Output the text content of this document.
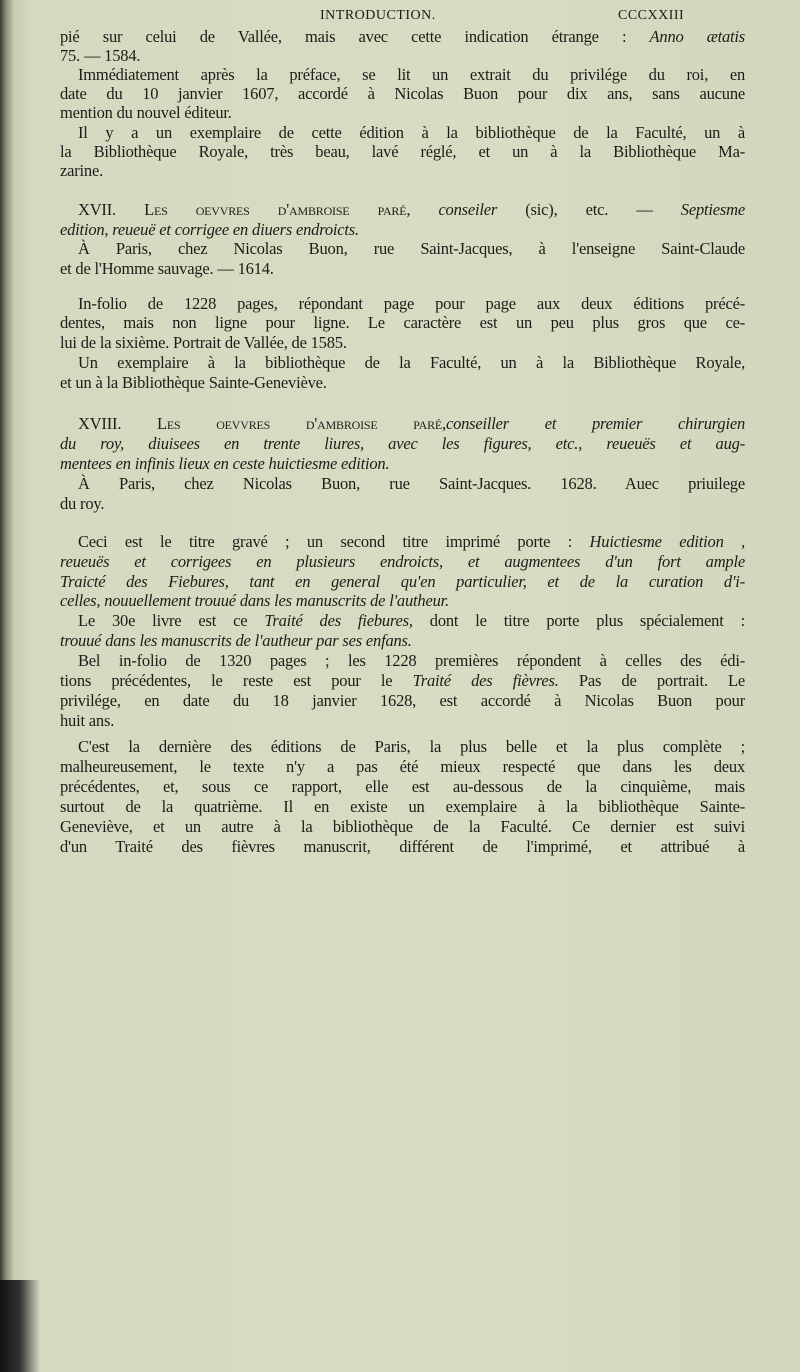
INTRODUCTION.	CCCXXIII
pié sur celui de Vallée, mais avec cette indication étrange : Anno ætatis
75. — 1584.
Immédiatement après la préface, se lit un extrait du privilége du roi, en
date du 10 janvier 1607, accordé à Nicolas Buon pour dix ans, sans aucune
mention du nouvel éditeur.
Il y a un exemplaire de cette édition à la bibliothèque de la Faculté, un à
la Bibliothèque Royale, très beau, lavé réglé, et un à la Bibliothèque Ma-
zarine.
XVII. Les oevvres d'ambroise paré, conseiler (sic), etc. — Septiesme
edition, reueuë et corrigee en diuers endroicts.
À Paris, chez Nicolas Buon, rue Saint-Jacques, à l'enseigne Saint-Claude
et de l'Homme sauvage. — 1614.
In-folio de 1228 pages, répondant page pour page aux deux éditions précé-
dentes, mais non ligne pour ligne. Le caractère est un peu plus gros que ce-
lui de la sixième. Portrait de Vallée, de 1585.
Un exemplaire à la bibliothèque de la Faculté, un à la Bibliothèque Royale,
et un à la Bibliothèque Sainte-Geneviève.
XVIII. Les oevvres d'ambroise paré,conseiller et premier chirurgien
du roy, diuisees en trente liures, avec les figures, etc., reueuës et aug-
mentees en infinis lieux en ceste huictiesme edition.
À Paris, chez Nicolas Buon, rue Saint-Jacques. 1628. Auec priuilege
du roy.
Ceci est le titre gravé ; un second titre imprimé porte : Huictiesme edition ,
reueuës et corrigees en plusieurs endroicts, et augmentees d'un fort ample
Traicté des Fiebures, tant en general qu'en particulier, et de la curation d'i-
celles, nouuellement trouué dans les manuscrits de l'autheur.
Le 30e livre est ce Traité des fiebures, dont le titre porte plus spécialement :
trouué dans les manuscrits de l'autheur par ses enfans.
Bel in-folio de 1320 pages ; les 1228 premières répondent à celles des édi-
tions précédentes, le reste est pour le Traité des fièvres. Pas de portrait. Le
privilége, en date du 18 janvier 1628, est accordé à Nicolas Buon pour
huit ans.
C'est la dernière des éditions de Paris, la plus belle et la plus complète ;
malheureusement, le texte n'y a pas été mieux respecté que dans les deux
précédentes, et, sous ce rapport, elle est au-dessous de la cinquième, mais
surtout de la quatrième. Il en existe un exemplaire à la bibliothèque Sainte-
Geneviève, et un autre à la bibliothèque de la Faculté. Ce dernier est suivi
d'un Traité des fièvres manuscrit, différent de l'imprimé, et attribué à
